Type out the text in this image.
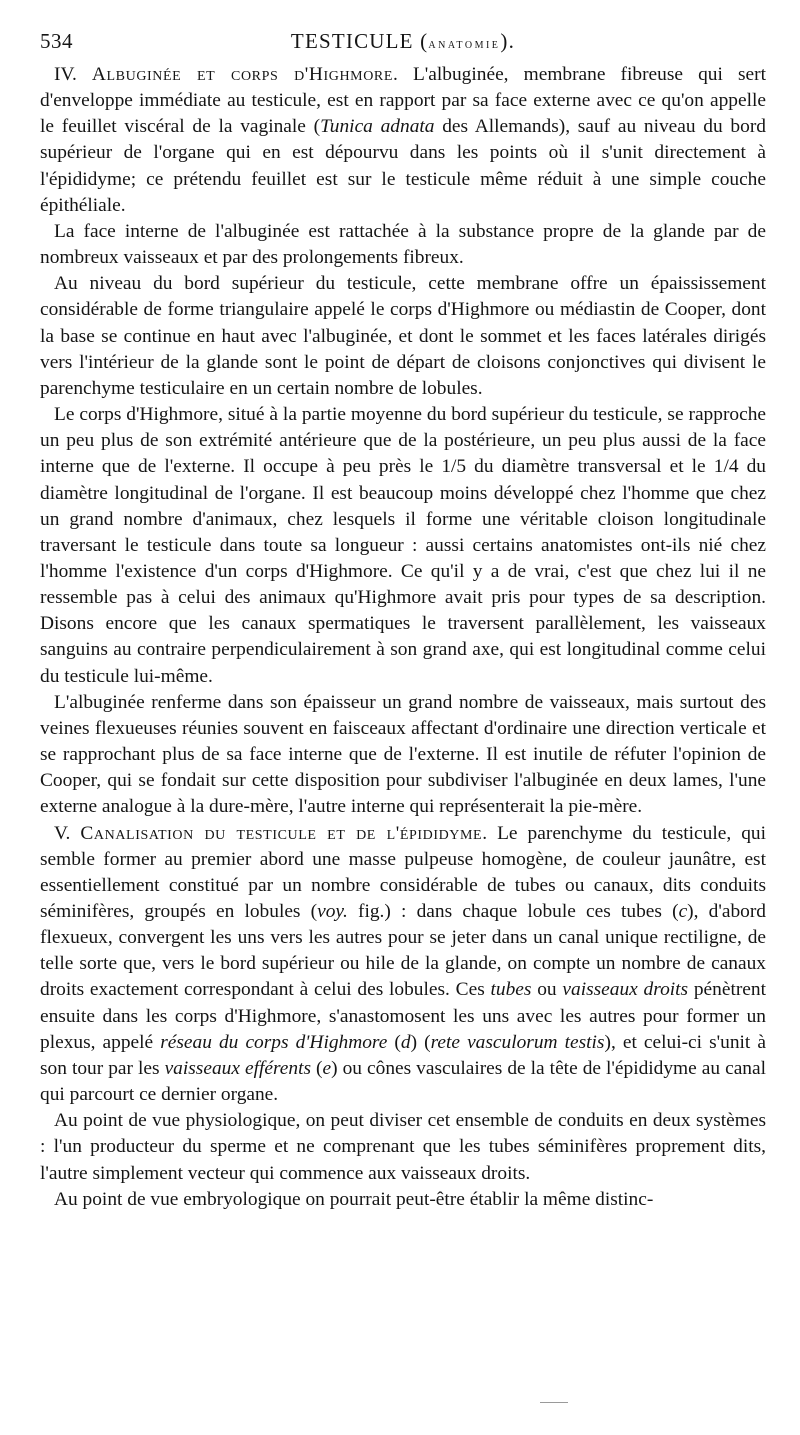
534	TESTICULE (anatomie).

IV. Albuginée et corps d'Highmore. L'albuginée, membrane fibreuse qui sert d'enveloppe immédiate au testicule, est en rapport par sa face externe avec ce qu'on appelle le feuillet viscéral de la vaginale (Tunica adnata des Allemands), sauf au niveau du bord supérieur de l'organe qui en est dépourvu dans les points où il s'unit directement à l'épididyme; ce prétendu feuillet est sur le testicule même réduit à une simple couche épithéliale.

La face interne de l'albuginée est rattachée à la substance propre de la glande par de nombreux vaisseaux et par des prolongements fibreux.

Au niveau du bord supérieur du testicule, cette membrane offre un épaississement considérable de forme triangulaire appelé le corps d'Highmore ou médiastin de Cooper, dont la base se continue en haut avec l'albuginée, et dont le sommet et les faces latérales dirigés vers l'intérieur de la glande sont le point de départ de cloisons conjonctives qui divisent le parenchyme testiculaire en un certain nombre de lobules.

Le corps d'Highmore, situé à la partie moyenne du bord supérieur du testicule, se rapproche un peu plus de son extrémité antérieure que de la postérieure, un peu plus aussi de la face interne que de l'externe. Il occupe à peu près le 1/5 du diamètre transversal et le 1/4 du diamètre longitudinal de l'organe. Il est beaucoup moins développé chez l'homme que chez un grand nombre d'animaux, chez lesquels il forme une véritable cloison longitudinale traversant le testicule dans toute sa longueur : aussi certains anatomistes ont-ils nié chez l'homme l'existence d'un corps d'Highmore. Ce qu'il y a de vrai, c'est que chez lui il ne ressemble pas à celui des animaux qu'Highmore avait pris pour types de sa description. Disons encore que les canaux spermatiques le traversent parallèlement, les vaisseaux sanguins au contraire perpendiculairement à son grand axe, qui est longitudinal comme celui du testicule lui-même.

L'albuginée renferme dans son épaisseur un grand nombre de vaisseaux, mais surtout des veines flexueuses réunies souvent en faisceaux affectant d'ordinaire une direction verticale et se rapprochant plus de sa face interne que de l'externe. Il est inutile de réfuter l'opinion de Cooper, qui se fondait sur cette disposition pour subdiviser l'albuginée en deux lames, l'une externe analogue à la dure-mère, l'autre interne qui représenterait la pie-mère.

V. Canalisation du testicule et de l'épididyme. Le parenchyme du testicule, qui semble former au premier abord une masse pulpeuse homogène, de couleur jaunâtre, est essentiellement constitué par un nombre considérable de tubes ou canaux, dits conduits séminifères, groupés en lobules (voy. fig.) : dans chaque lobule ces tubes (c), d'abord flexueux, convergent les uns vers les autres pour se jeter dans un canal unique rectiligne, de telle sorte que, vers le bord supérieur ou hile de la glande, on compte un nombre de canaux droits exactement correspondant à celui des lobules. Ces tubes ou vaisseaux droits pénètrent ensuite dans les corps d'Highmore, s'anastomosent les uns avec les autres pour former un plexus, appelé réseau du corps d'Highmore (d) (rete vasculorum testis), et celui-ci s'unit à son tour par les vaisseaux efférents (e) ou cônes vasculaires de la tête de l'épididyme au canal qui parcourt ce dernier organe.

Au point de vue physiologique, on peut diviser cet ensemble de conduits en deux systèmes : l'un producteur du sperme et ne comprenant que les tubes séminifères proprement dits, l'autre simplement vecteur qui commence aux vaisseaux droits.

Au point de vue embryologique on pourrait peut-être établir la même distinc-
